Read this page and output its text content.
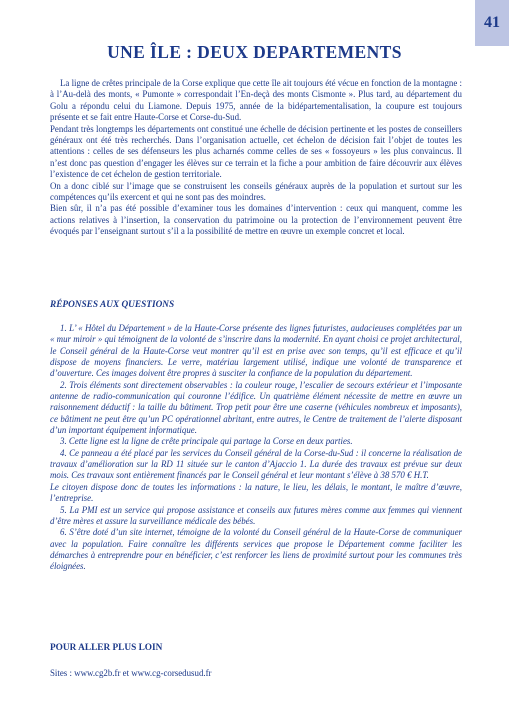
41
UNE ÎLE : DEUX DEPARTEMENTS

La ligne de crêtes principale de la Corse explique que cette île ait toujours été vécue en fonction de la montagne : à l’Au-delà des monts, « Pumonte » correspondait l’En-deçà des monts Cismonte ». Plus tard, au département du Golu a répondu celui du Liamone. Depuis 1975, année de la bidépartementalisation, la coupure est toujours présente et se fait entre Haute-Corse et Corse-du-Sud.

Pendant très longtemps les départements ont constitué une échelle de décision pertinente et les postes de conseillers généraux ont été très recherchés. Dans l’organisation actuelle, cet échelon de décision fait l’objet de toutes les attentions : celles de ses défenseurs les plus acharnés comme celles de ses « fossoyeurs » les plus convaincus. Il n’est donc pas question d’engager les élèves sur ce terrain et la fiche a pour ambition de faire découvrir aux élèves l’existence de cet échelon de gestion territoriale.

On a donc ciblé sur l’image que se construisent les conseils généraux auprès de la population et surtout sur les compétences qu’ils exercent et qui ne sont pas des moindres.

Bien sûr, il n’a pas été possible d’examiner tous les domaines d’intervention : ceux qui manquent, comme les actions relatives à l’insertion, la conservation du patrimoine ou la protection de l’environnement peuvent être évoqués par l’enseignant surtout s’il a la possibilité de mettre en œuvre un exemple concret et local.

RÉPONSES AUX QUESTIONS

1. L’ « Hôtel du Département » de la Haute-Corse présente des lignes futuristes, audacieuses complétées par un « mur miroir » qui témoignent de la volonté de s’inscrire dans la modernité. En ayant choisi ce projet architectural, le Conseil général de la Haute-Corse veut montrer qu’il est en prise avec son temps, qu’il est efficace et qu’il dispose de moyens financiers. Le verre, matériau largement utilisé, indique une volonté de transparence et d’ouverture. Ces images doivent être propres à susciter la confiance de la population du département.

2. Trois éléments sont directement observables : la couleur rouge, l’escalier de secours extérieur et l’imposante antenne de radio-communication qui couronne l’édifice. Un quatrième élément nécessite de mettre en œuvre un raisonnement déductif : la taille du bâtiment. Trop petit pour être une caserne (véhicules nombreux et imposants), ce bâtiment ne peut être qu’un PC opérationnel abritant, entre autres, le Centre de traitement de l’alerte disposant d’un important équipement informatique.

3. Cette ligne est la ligne de crête principale qui partage la Corse en deux parties.

4. Ce panneau a été placé par les services du Conseil général de la Corse-du-Sud : il concerne la réalisation de travaux d’amélioration sur la RD 11 située sur le canton d’Ajaccio 1. La durée des travaux est prévue sur deux mois. Ces travaux sont entièrement financés par le Conseil général et leur montant s’élève à 38 570 € H.T.

Le citoyen dispose donc de toutes les informations : la nature, le lieu, les délais, le montant, le maître d’œuvre, l’entreprise.

5. La PMI est un service qui propose assistance et conseils aux futures mères comme aux femmes qui viennent d’être mères et assure la surveillance médicale des bébés.

6. S’être doté d’un site internet, témoigne de la volonté du Conseil général de la Haute-Corse de communiquer avec la population. Faire connaître les différents services que propose le Département comme faciliter les démarches à entreprendre pour en bénéficier, c’est renforcer les liens de proximité surtout pour les communes très éloignées.

POUR ALLER PLUS LOIN
Sites : www.cg2b.fr et www.cg-corsedusud.fr
